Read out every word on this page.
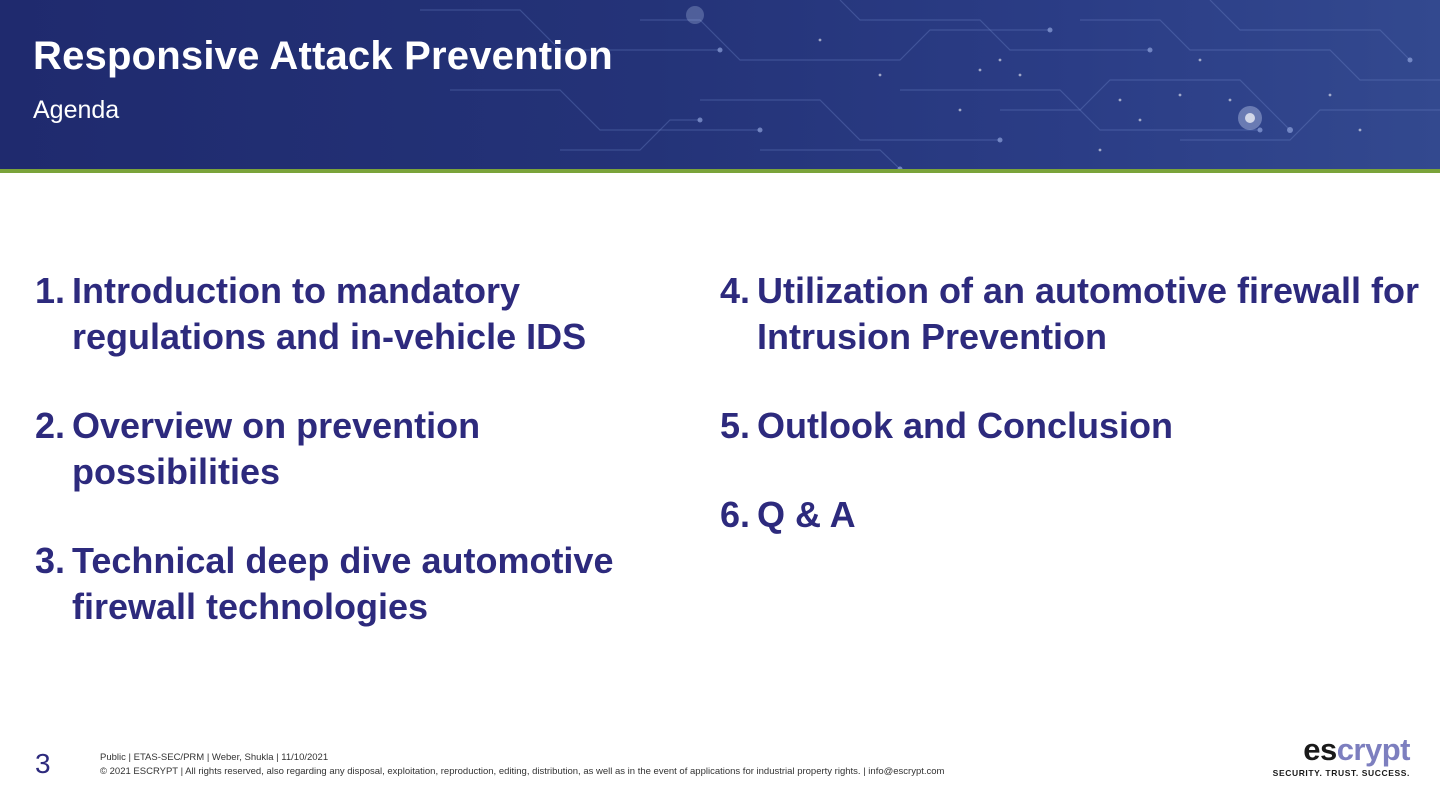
Responsive Attack Prevention
Agenda
1. Introduction to mandatory regulations and in-vehicle IDS
2. Overview on prevention possibilities
3. Technical deep dive automotive firewall technologies
4. Utilization of an automotive firewall for Intrusion Prevention
5. Outlook and Conclusion
6. Q & A
3	Public | ETAS-SEC/PRM | Weber, Shukla | 11/10/2021
© 2021 ESCRYPT | All rights reserved, also regarding any disposal, exploitation, reproduction, editing, distribution, as well as in the event of applications for industrial property rights. | info@escrypt.com
escrypt
SECURITY. TRUST. SUCCESS.
